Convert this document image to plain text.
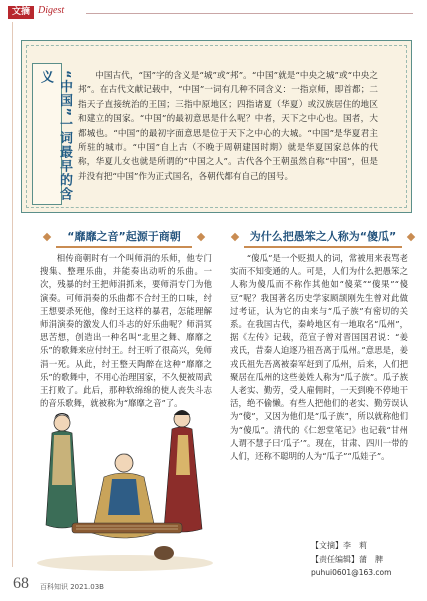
文摘 Digest
“中国”一词最早的含义	中国古代，“国”字的含义是“城”或“邦”。“中国”就是“中央之城”或“中央之邦”。在古代文献记载中，“中国”一词有几种不同含义：一指京师，即首都；二指天子直接统治的王国；三指中原地区；四指诸夏（华夏）或汉族居住的地区和建立的国家。“中国”的最初意思是什么呢？中者，天下之中心也。国者，大都城也。“中国”的最初字面意思是位于天下之中心的大城。“中国”是华夏君主所驻的城市。“中国”自上古（不晚于周朝建国时期）就是华夏国家总体的代称，华夏儿女也就是所谓的“中国之人”。古代各个王朝虽然自称“中国”，但是并没有把“中国”作为正式国名，各朝代都有自己的国号。

“靡靡之音”起源于商朝

相传商朝时有一个叫师涓的乐师，他专门搜集、整理乐曲，并能奏出动听的乐曲。一次，残暴的纣王把师涓抓来，要师涓专门为他演奏。可师涓奏的乐曲都不合纣王的口味，纣王想要杀死他，像纣王这样的暴君，怎能理解师涓演奏的激发人们斗志的好乐曲呢？师涓冥思苦想，创造出一种名叫“北里之舞、靡靡之乐”的歌舞来应付纣王。纣王听了很高兴，免师涓一死。从此，纣王整天陶醉在这种“靡靡之乐”的歌舞中，不用心治理国家，不久便被周武王打败了。此后，那种软绵绵的使人丧失斗志的音乐歌舞，就被称为“靡靡之音”了。

为什么把愚笨之人称为“傻瓜”

“傻瓜”是一个贬损人的词，常被用来表骂老实而不知变通的人。可是，人们为什么把愚笨之人称为傻瓜而不称作其他如“傻菜”“傻果”“傻豆”呢？我国著名历史学家顾颉刚先生曾对此做过考证，认为它的由来与“瓜子族”有密切的关系。在我国古代，秦岭地区有一地取名“瓜州”，据《左传》记载，范宣子曾对晋国国君说：“姜戎氏，昔秦人迫逐乃祖吾离于瓜州。”意思是，姜戎氏祖先吾离被秦军赶到了瓜州，后来，人们把聚居在瓜州的这些姜姓人称为“瓜子族”。瓜子族人老实、勤劳，受人雇佣时，一天到晚不停地干活，绝不偷懒。有些人把他们的老实、勤劳误认为“傻”，又因为他们是“瓜子族”，所以就称他们为“傻瓜”。清代的《仁恕堂笔记》也记载“甘州人谓不慧子曰‘瓜子’”。现在，甘肃、四川一带的人们，还称不聪明的人为“瓜子”“瓜娃子”。

【文摘】李　莉
【责任编辑】蒲　脾
puhui0601@163.com
68 百科知识 2021.03B
